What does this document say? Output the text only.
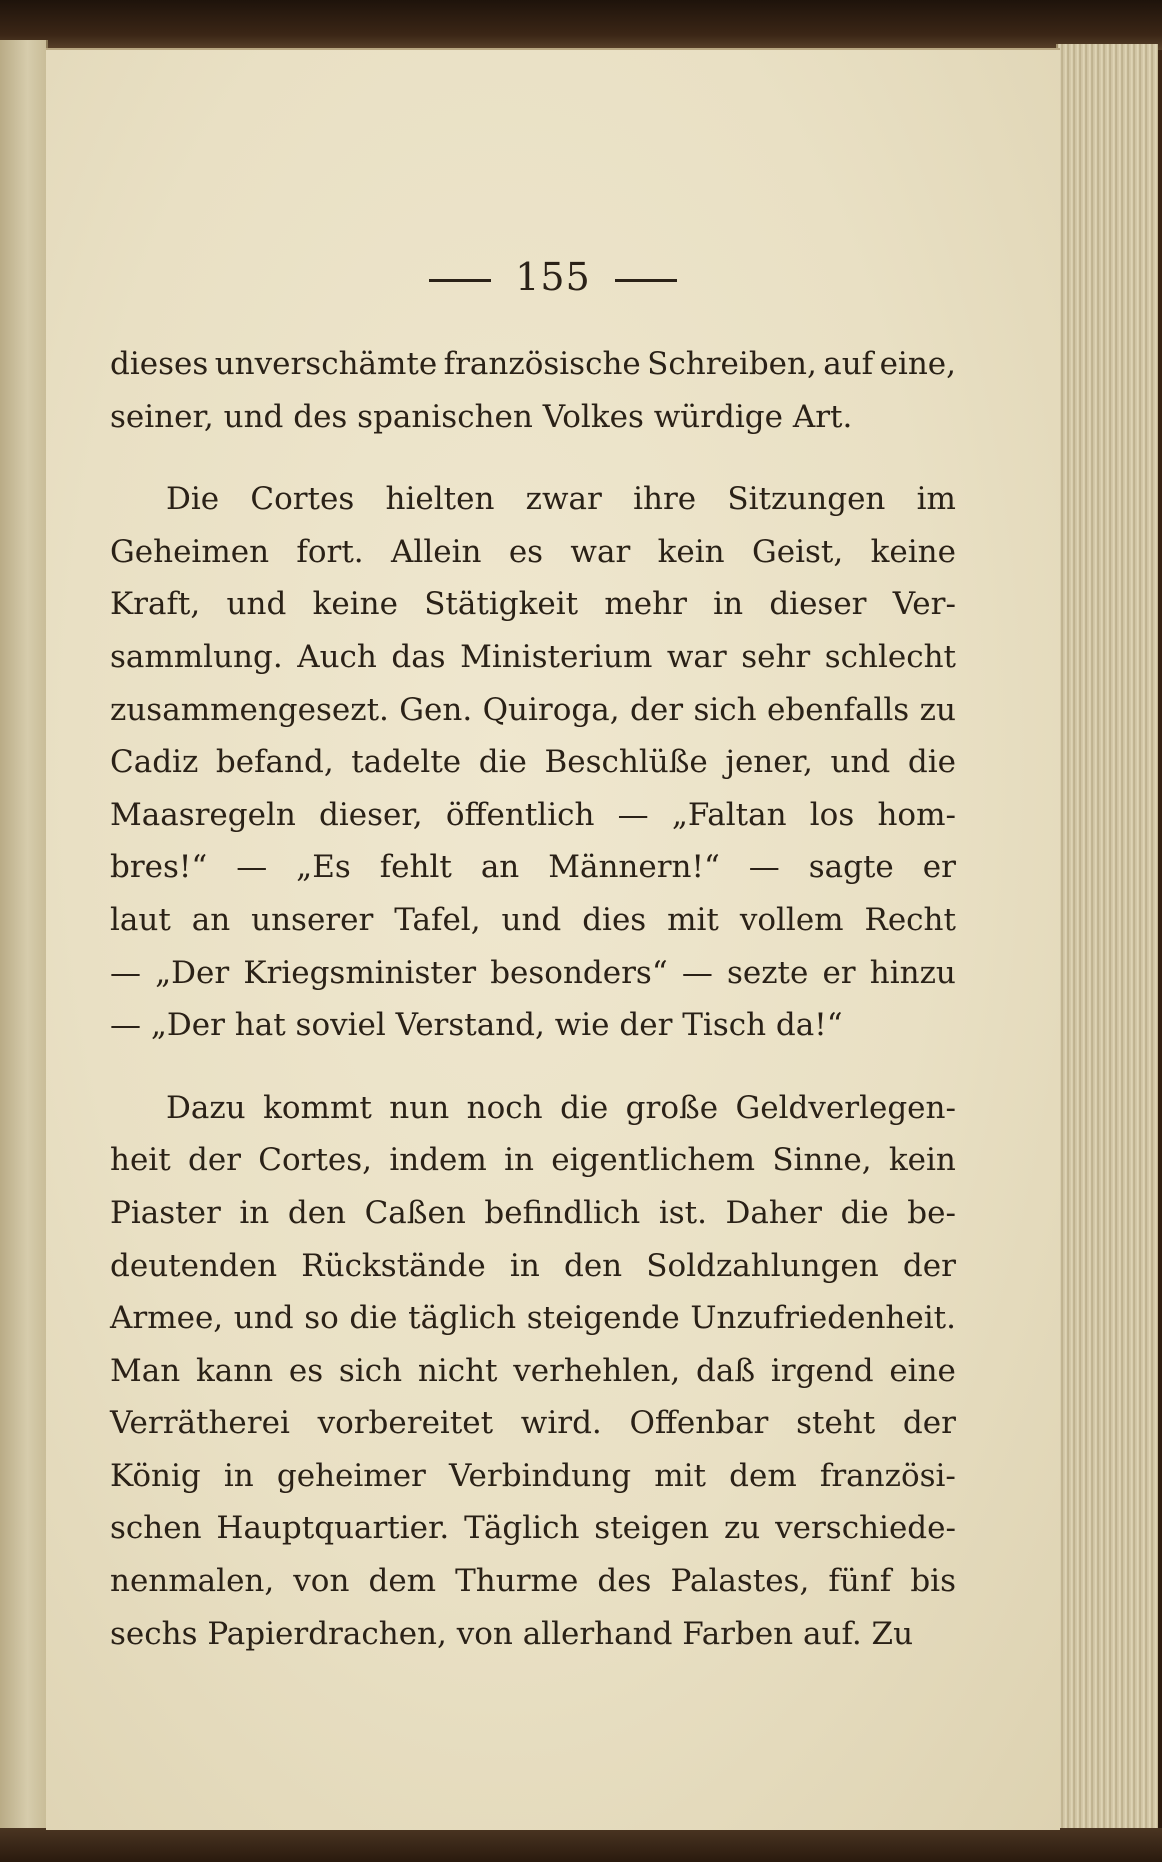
155
dieses unverschämte französische Schreiben, auf eine,
seiner, und des spanischen Volkes würdige Art.
Die Cortes hielten zwar ihre Sitzungen im
Geheimen fort. Allein es war kein Geist, keine
Kraft, und keine Stätigkeit mehr in dieser Ver-
sammlung. Auch das Ministerium war sehr schlecht
zusammengesezt. Gen. Quiroga, der sich ebenfalls zu
Cadiz befand, tadelte die Beschlüße jener, und die
Maasregeln dieser, öffentlich — „Faltan los hom-
bres!“ — „Es fehlt an Männern!“ — sagte er
laut an unserer Tafel, und dies mit vollem Recht
— „Der Kriegsminister besonders“ — sezte er hinzu
— „Der hat soviel Verstand, wie der Tisch da!“
Dazu kommt nun noch die große Geldverlegen-
heit der Cortes, indem in eigentlichem Sinne, kein
Piaster in den Caßen befindlich ist. Daher die be-
deutenden Rückstände in den Soldzahlungen der
Armee, und so die täglich steigende Unzufriedenheit.
Man kann es sich nicht verhehlen, daß irgend eine
Verrätherei vorbereitet wird. Offenbar steht der
König in geheimer Verbindung mit dem französi-
schen Hauptquartier. Täglich steigen zu verschiede-
nenmalen, von dem Thurme des Palastes, fünf bis
sechs Papierdrachen, von allerhand Farben auf. Zu
